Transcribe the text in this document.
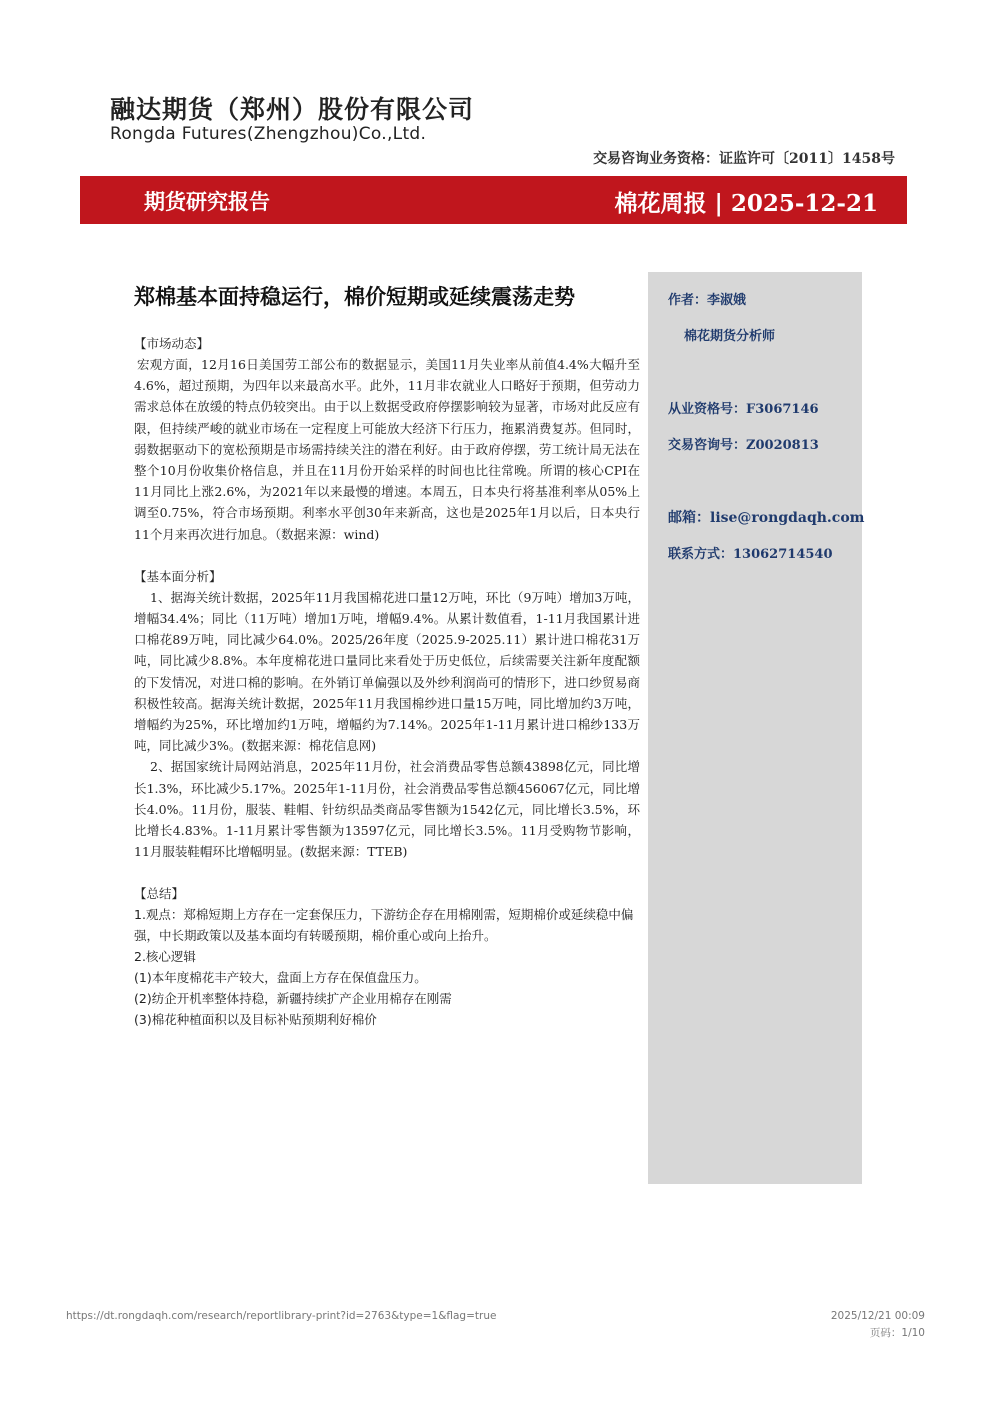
融达期货（郑州）股份有限公司
Rongda Futures(Zhengzhou)Co.,Ltd.
交易咨询业务资格：证监许可〔2011〕1458号
期货研究报告	棉花周报 | 2025-12-21
作者：李淑娥
棉花期货分析师
从业资格号：F3067146
交易咨询号：Z0020813
邮箱：lise@rongdaqh.com
联系方式：13062714540
郑棉基本面持稳运行，棉价短期或延续震荡走势

【市场动态】

宏观方面，12月16日美国劳工部公布的数据显示，美国11月失业率从前值4.4%大幅升至4.6%，超过预期，为四年以来最高水平。此外，11月非农就业人口略好于预期，但劳动力需求总体在放缓的特点仍较突出。由于以上数据受政府停摆影响较为显著，市场对此反应有限，但持续严峻的就业市场在一定程度上可能放大经济下行压力，拖累消费复苏。但同时，弱数据驱动下的宽松预期是市场需持续关注的潜在利好。由于政府停摆，劳工统计局无法在整个10月份收集价格信息，并且在11月份开始采样的时间也比往常晚。所谓的核心CPI在11月同比上涨2.6%，为2021年以来最慢的增速。本周五，日本央行将基准利率从05%上调至0.75%，符合市场预期。利率水平创30年来新高，这也是2025年1月以后，日本央行11个月来再次进行加息。（数据来源：wind)

【基本面分析】

1、据海关统计数据，2025年11月我国棉花进口量12万吨，环比（9万吨）增加3万吨，增幅34.4%；同比（11万吨）增加1万吨，增幅9.4%。从累计数值看，1-11月我国累计进口棉花89万吨，同比减少64.0%。2025/26年度（2025.9-2025.11）累计进口棉花31万吨，同比减少8.8%。本年度棉花进口量同比来看处于历史低位，后续需要关注新年度配额的下发情况，对进口棉的影响。在外销订单偏强以及外纱利润尚可的情形下，进口纱贸易商积极性较高。据海关统计数据，2025年11月我国棉纱进口量15万吨，同比增加约3万吨，增幅约为25%，环比增加约1万吨，增幅约为7.14%。2025年1-11月累计进口棉纱133万吨，同比减少3%。(数据来源：棉花信息网)

2、据国家统计局网站消息，2025年11月份，社会消费品零售总额43898亿元，同比增长1.3%，环比减少5.17%。2025年1-11月份，社会消费品零售总额456067亿元，同比增长4.0%。11月份，服装、鞋帽、针纺织品类商品零售额为1542亿元，同比增长3.5%，环比增长4.83%。1-11月累计零售额为13597亿元，同比增长3.5%。11月受购物节影响，11月服装鞋帽环比增幅明显。(数据来源：TTEB)

【总结】

1.观点：郑棉短期上方存在一定套保压力，下游纺企存在用棉刚需，短期棉价或延续稳中偏强，中长期政策以及基本面均有转暖预期，棉价重心或向上抬升。

2.核心逻辑

(1)本年度棉花丰产较大，盘面上方存在保值盘压力。

(2)纺企开机率整体持稳，新疆持续扩产企业用棉存在刚需

(3)棉花种植面积以及目标补贴预期利好棉价

https://dt.rongdaqh.com/research/reportlibrary-print?id=2763&type=1&flag=true	2025/12/21 00:09
页码：1/10
